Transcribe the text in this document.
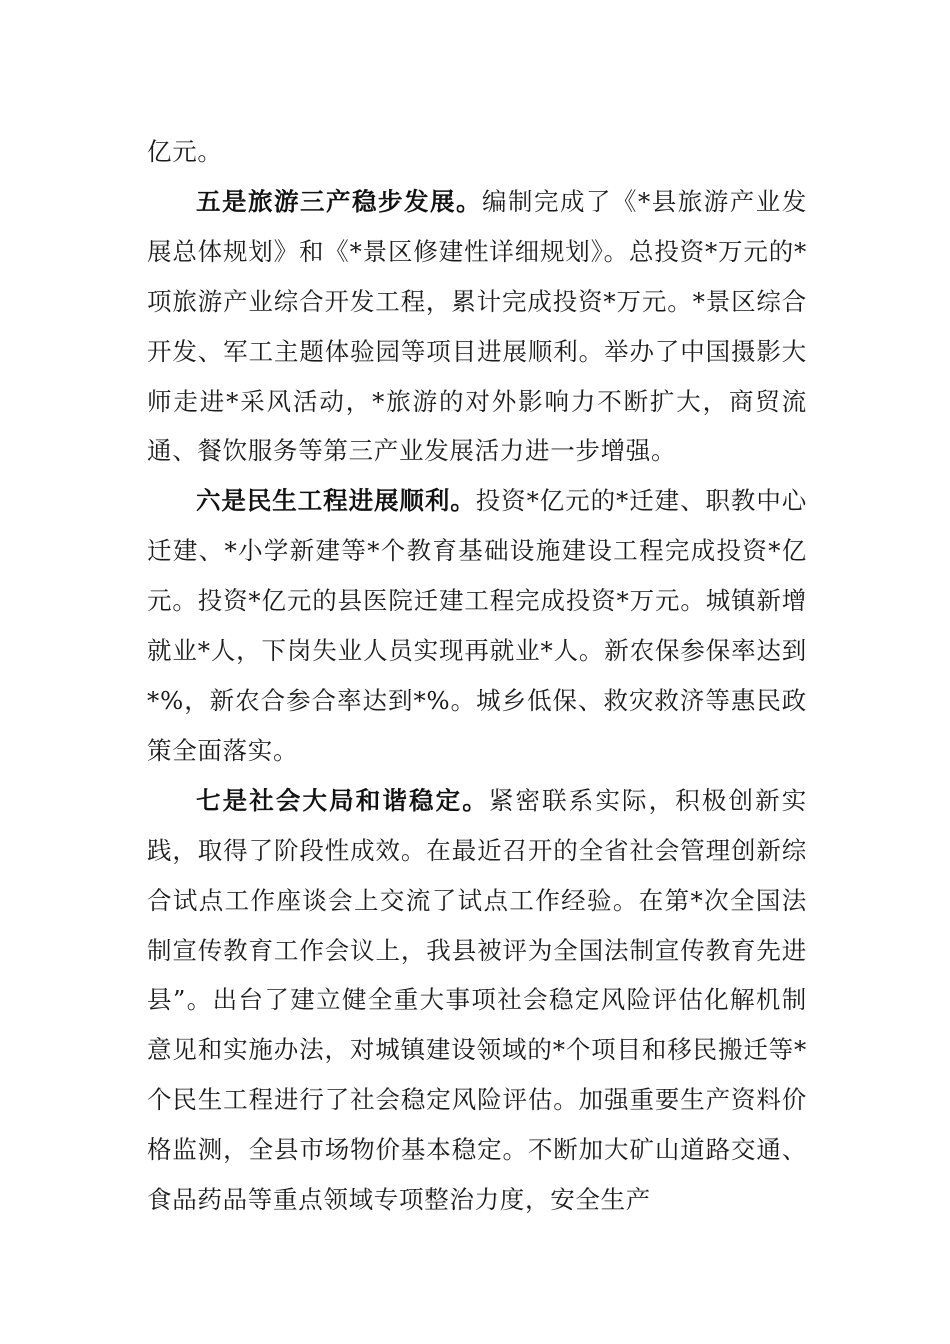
亿元。

五是旅游三产稳步发展。编制完成了《*县旅游产业发展总体规划》和《*景区修建性详细规划》。总投资*万元的*项旅游产业综合开发工程，累计完成投资*万元。*景区综合开发、军工主题体验园等项目进展顺利。举办了中国摄影大师走进*采风活动，*旅游的对外影响力不断扩大，商贸流通、餐饮服务等第三产业发展活力进一步增强。

六是民生工程进展顺利。投资*亿元的*迁建、职教中心迁建、*小学新建等*个教育基础设施建设工程完成投资*亿元。投资*亿元的县医院迁建工程完成投资*万元。城镇新增就业*人，下岗失业人员实现再就业*人。新农保参保率达到*%，新农合参合率达到*%。城乡低保、救灾救济等惠民政策全面落实。

七是社会大局和谐稳定。紧密联系实际，积极创新实践，取得了阶段性成效。在最近召开的全省社会管理创新综合试点工作座谈会上交流了试点工作经验。在第*次全国法制宣传教育工作会议上，我县被评为全国法制宣传教育先进县”。出台了建立健全重大事项社会稳定风险评估化解机制意见和实施办法，对城镇建设领域的*个项目和移民搬迁等*个民生工程进行了社会稳定风险评估。加强重要生产资料价格监测，全县市场物价基本稳定。不断加大矿山道路交通、食品药品等重点领域专项整治力度，安全生产
